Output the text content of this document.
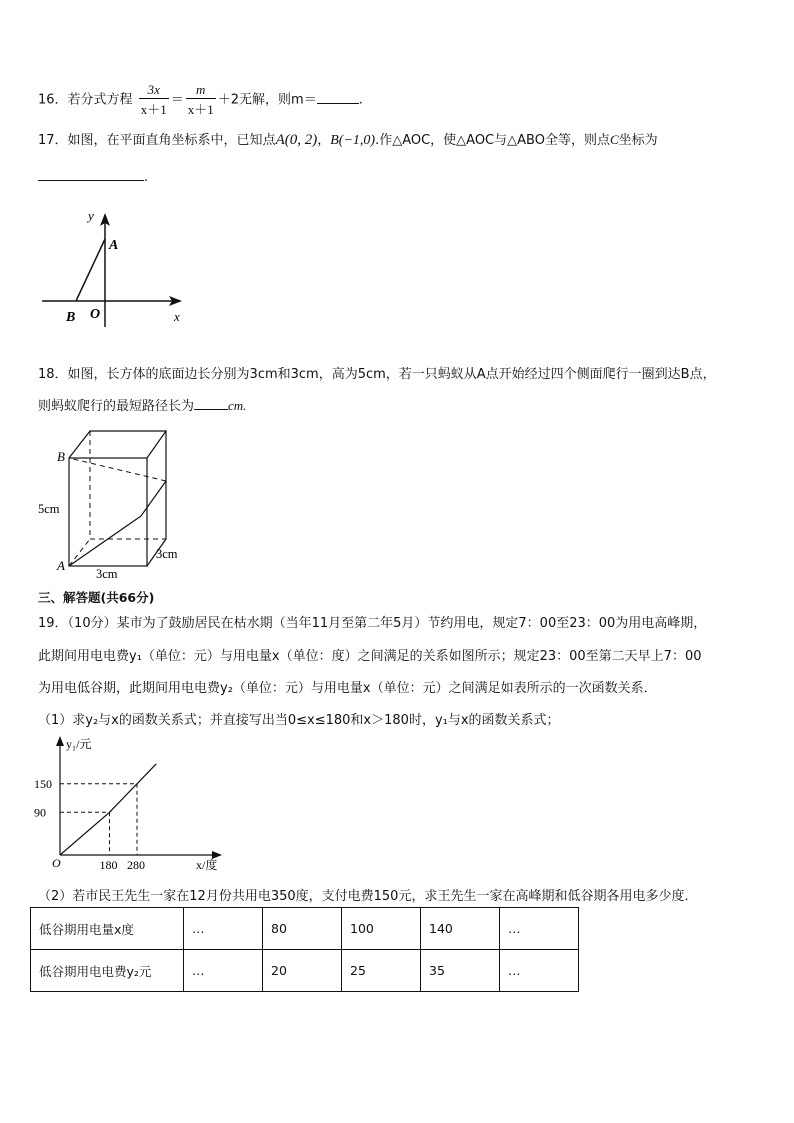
16．若分式方程 $\frac{3x}{x+1} = \frac{m}{x+1} +2$无解，则m＝	.
17．如图，在平面直角坐标系中，已知点A(0, 2)，B(−1,0).作△AOC，使△AOC与△ABO全等，则点C坐标为
.
y
x
A
B O
18．如图，长方体的底面边长分别为3cm和3cm，高为5cm，若一只蚂蚁从A点开始经过四个侧面爬行一圈到达B点，
则蚂蚁爬行的最短路径长为	cm.
B
A
5cm
3cm
3cm
三、解答题(共66分)
19．（10分）某市为了鼓励居民在枯水期（当年11月至第二年5月）节约用电，规定7：00至23：00为用电高峰期，
此期间用电电费y₁（单位：元）与用电量x（单位：度）之间满足的关系如图所示；规定23：00至第二天早上7：00
为用电低谷期，此期间用电电费y₂（单位：元）与用电量x（单位：元）之间满足如表所示的一次函数关系．
（1）求y₂与x的函数关系式；并直接写出当0≤x≤180和x＞180时，y₁与x的函数关系式；
y₁/元
x/度
O	180 280
90
150
（2）若市民王先生一家在12月份共用电350度，支付电费150元，求王先生一家在高峰期和低谷期各用电多少度．
低谷期用电量x度	…	80	100	140	…
低谷期用电电费y₂元	…	20	25	35	…
